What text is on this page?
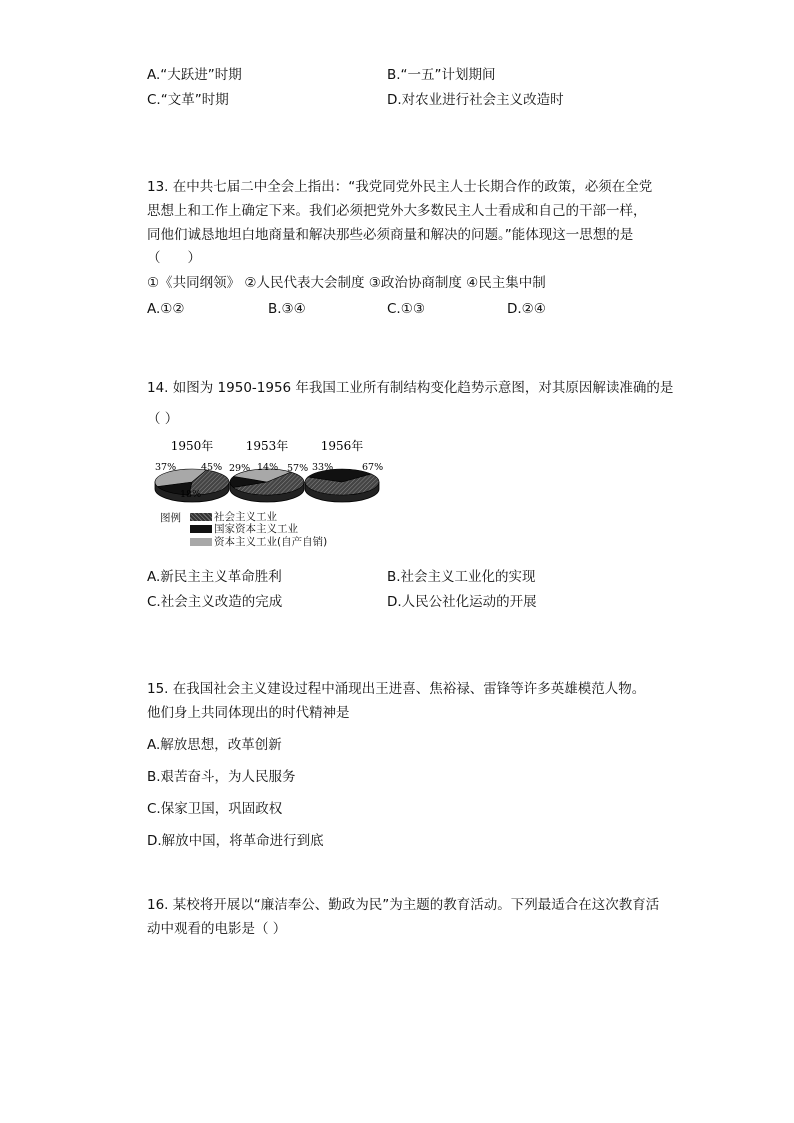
A.“大跃进”时期	B.“一五”计划期间
C.“文革”时期	D.对农业进行社会主义改造时
13. 在中共七届二中全会上指出：“我党同党外民主人士长期合作的政策，必须在全党
思想上和工作上确定下来。我们必须把党外大多数民主人士看成和自己的干部一样，
同他们诚恳地坦白地商量和解决那些必须商量和解决的问题。”能体现这一思想的是
（　　）
①《共同纲领》 ②人民代表大会制度 ③政治协商制度 ④民主集中制
A.①②	B.③④	C.①③	D.②④
14. 如图为 1950-1956 年我国工业所有制结构变化趋势示意图，对其原因解读准确的是
（ ）
1950年
37%	45%
18%
1953年
29% 14% 57%
1956年
33%	67%
图例	社会主义工业
国家资本主义工业
资本主义工业(自产自销)
A.新民主主义革命胜利	B.社会主义工业化的实现
C.社会主义改造的完成	D.人民公社化运动的开展
15. 在我国社会主义建设过程中涌现出王进喜、焦裕禄、雷锋等许多英雄模范人物。
他们身上共同体现出的时代精神是
A.解放思想，改革创新
B.艰苦奋斗，为人民服务
C.保家卫国，巩固政权
D.解放中国，将革命进行到底
16. 某校将开展以“廉洁奉公、勤政为民”为主题的教育活动。下列最适合在这次教育活
动中观看的电影是（ ）
